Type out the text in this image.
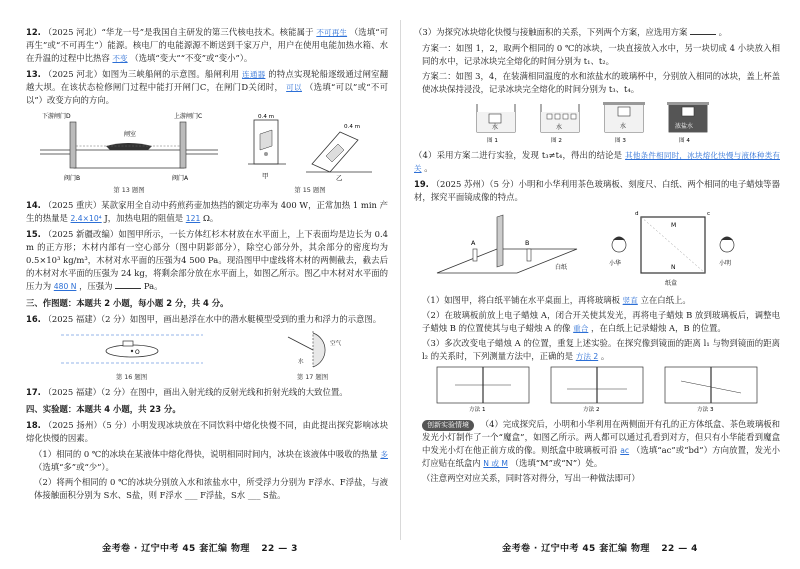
12. （2025 河北）“华龙一号”是我国自主研发的第三代核电技术。核能属于 不可再生 （选填“可再生”或“不可再生”）能源。核电厂的电能源源不断送到千家万户，用户在使用电能加热水箱、水在升温的过程中比热容 不变 （选填“变大”“不变”或“变小”）。
13. （2025 河北）如图为三峡船闸的示意图。船闸利用 连通器 的特点实现轮船逐级通过闸室翻越大坝。在该状态检修闸门过程中能打开闸门C，在闸门D关闭时， 可以 （选填“可以”或“不可以”）改变方向的方向。
下游闸门D	上游闸门C
闸室
阀门B	阀门A
第 13 题图
0.4 m
0.4 m
甲	乙
第 15 题图
14. （2025 重庆）某款家用全自动中药煎药壶加热挡的额定功率为 400 W，正常加热 1 min 产生的热量是 2.4×10⁴ J，加热电阻的阻值是 121 Ω。
15. （2025 新疆改编）如图甲所示，一长方体红杉木材放在水平面上，上下表面均是边长为 0.4 m 的正方形；木材内部有一空心部分（图中阴影部分），除空心部分外，其余部分的密度均为 0.5×10³ kg/m³，木材对水平面的压强为4 500 Pa。现沿图甲中虚线将木材的两侧截去，截去后的木材对水平面的压强为 24 kg，将剩余部分放在水平面上，如图乙所示。图乙中木材对水平面的压力为 480 N ，压强为	Pa。
三、作图题：本题共 2 小题，每小题 2 分，共 4 分。
16. （2025 福建）（2 分）如图甲，画出悬浮在水中的潜水艇模型受到的重力和浮力的示意图。
O
第 16 题图
空气
水
第 17 题图
17. （2025 福建）（2 分）在图中，画出入射光线的反射光线和折射光线的大致位置。
四、实验题：本题共 4 小题，共 23 分。
18. （2025 扬州）（5 分）小明发现冰块放在不同饮料中熔化快慢不同，由此提出探究影响冰块熔化快慢的因素。
（1）相同的 0 ℃的冰块在某液体中熔化得快，说明相同时间内，冰块在该液体中吸收的热量 多 （选填“多”或“少”）。
（2）将两个相同的 0 ℃的冰块分别放入水和浓盐水中，所受浮力分别为 F浮水、F浮盐，与液体接触面积分别为 S水、S盐，则 F浮水 ___ F浮盐，S水 ___ S盐。
金考卷 · 辽宁中考 45 套汇编 物理 22 — 3
（3）为探究冰块熔化快慢与接触面积的关系，下列两个方案，应选用方案	。
方案一：如图 1，2，取两个相同的 0 ℃的冰块，一块直接放入水中，另一块切成 4 小块放入相同的水中，记录冰块完全熔化的时间分别为 t₁、t₂。
方案二：如图 3，4，在装满相同温度的水和浓盐水的玻璃杯中，分别放入相同的冰块，盖上杯盖使冰块保持浸没，记录冰块完全熔化的时间分别为 t₃、t₄。
水
图 1
水
图 2
水
图 3
浓盐水
图 4
（4）采用方案二进行实验，发现 t₃≠t₄，得出的结论是 其他条件相同时，冰块熔化快慢与液体种类有关 。
19. （2025 苏州）（5 分）小明和小华利用茶色玻璃板、刻度尺、白纸、两个相同的电子蜡烛等器材，探究平面镜成像的特点。
A	B
白纸
M
N
d	c
纸盒
小华	小明
（1）如图甲，将白纸平铺在水平桌面上，再将玻璃板 竖直 立在白纸上。
（2）在玻璃板前放上电子蜡烛 A，闭合开关使其发光，再将电子蜡烛 B 放到玻璃板后，调整电子蜡烛 B 的位置使其与电子蜡烛 A 的像 重合 ，在白纸上记录蜡烛 A，B 的位置。
（3）多次改变电子蜡烛 A 的位置，重复上述实验。在探究像到镜面的距离 l₁ 与物到镜面的距离 l₂ 的关系时，下列测量方法中，正确的是 方法 2 。
方法 1	方法 2	方法 3
创新实验情境 （4）完成探究后，小明和小华利用在两侧面开有孔的正方体纸盒、茶色玻璃板和发光小灯制作了一个“魔盒”，如图乙所示。两人都可以通过孔看到对方，但只有小华能看到魔盒中发光小灯在他正前方成的像。则纸盒中玻璃板可沿 ac （选填“ac”或“bd”）方向放置，发光小灯应贴在纸盒内 N 或 M （选填“M”或“N”）处。
（注意两空对应关系，同时答对得分，写出一种做法即可）
金考卷 · 辽宁中考 45 套汇编 物理 22 — 4
